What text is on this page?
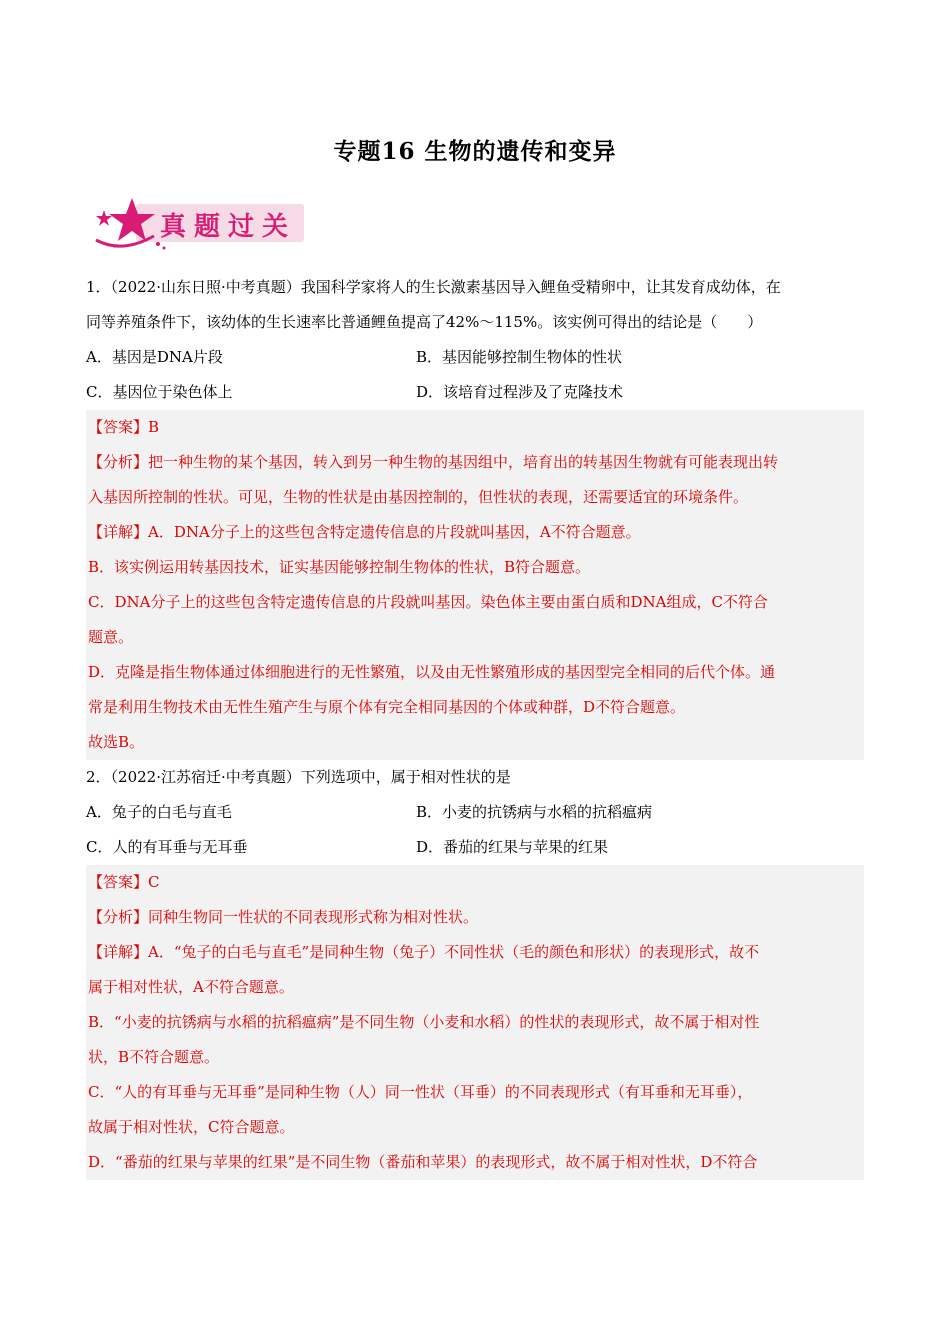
专题16 生物的遗传和变异
真题过关
1．（2022·山东日照·中考真题）我国科学家将人的生长激素基因导入鲤鱼受精卵中，让其发育成幼体，在
同等养殖条件下，该幼体的生长速率比普通鲤鱼提高了42%～115%。该实例可得出的结论是（　　）
A．基因是DNA片段	B．基因能够控制生物体的性状
C．基因位于染色体上	D．该培育过程涉及了克隆技术
【答案】B
【分析】把一种生物的某个基因，转入到另一种生物的基因组中，培育出的转基因生物就有可能表现出转
入基因所控制的性状。可见，生物的性状是由基因控制的，但性状的表现，还需要适宜的环境条件。
【详解】A．DNA分子上的这些包含特定遗传信息的片段就叫基因，A不符合题意。
B．该实例运用转基因技术，证实基因能够控制生物体的性状，B符合题意。
C．DNA分子上的这些包含特定遗传信息的片段就叫基因。染色体主要由蛋白质和DNA组成，C不符合
题意。
D．克隆是指生物体通过体细胞进行的无性繁殖，以及由无性繁殖形成的基因型完全相同的后代个体。通
常是利用生物技术由无性生殖产生与原个体有完全相同基因的个体或种群，D不符合题意。
故选B。
2．（2022·江苏宿迁·中考真题）下列选项中，属于相对性状的是
A．兔子的白毛与直毛	B．小麦的抗锈病与水稻的抗稻瘟病
C．人的有耳垂与无耳垂	D．番茄的红果与苹果的红果
【答案】C
【分析】同种生物同一性状的不同表现形式称为相对性状。
【详解】A．“兔子的白毛与直毛”是同种生物（兔子）不同性状（毛的颜色和形状）的表现形式，故不
属于相对性状，A不符合题意。
B．“小麦的抗锈病与水稻的抗稻瘟病”是不同生物（小麦和水稻）的性状的表现形式，故不属于相对性
状，B不符合题意。
C．“人的有耳垂与无耳垂”是同种生物（人）同一性状（耳垂）的不同表现形式（有耳垂和无耳垂），
故属于相对性状，C符合题意。
D．“番茄的红果与苹果的红果”是不同生物（番茄和苹果）的表现形式，故不属于相对性状，D不符合
